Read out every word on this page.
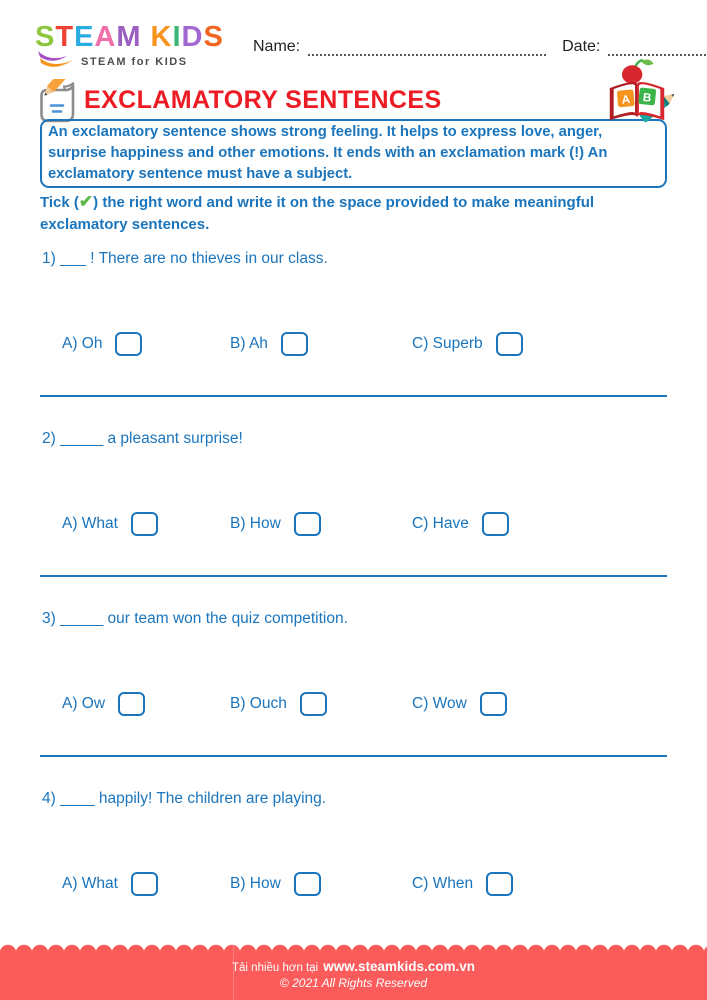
STEAM KIDS
STEAM for KIDS
Name:	Date:
EXCLAMATORY SENTENCES	A B
An exclamatory sentence shows strong feeling. It helps to express love, anger, surprise happiness and other emotions. It ends with an exclamation mark (!) An exclamatory sentence must have a subject.

Tick (✔) the right word and write it on the space provided to make meaningful exclamatory sentences.

1) ___ ! There are no thieves in our class.

A) Oh	B) Ah	C) Superb

2) _____ a pleasant surprise!

A) What	B) How	C) Have

3) _____ our team won the quiz competition.

A) Ow	B) Ouch	C) Wow

4) ____ happily! The children are playing.

A) What	B) How	C) When
Tải nhiều hơn tại www.steamkids.com.vn
© 2021 All Rights Reserved
